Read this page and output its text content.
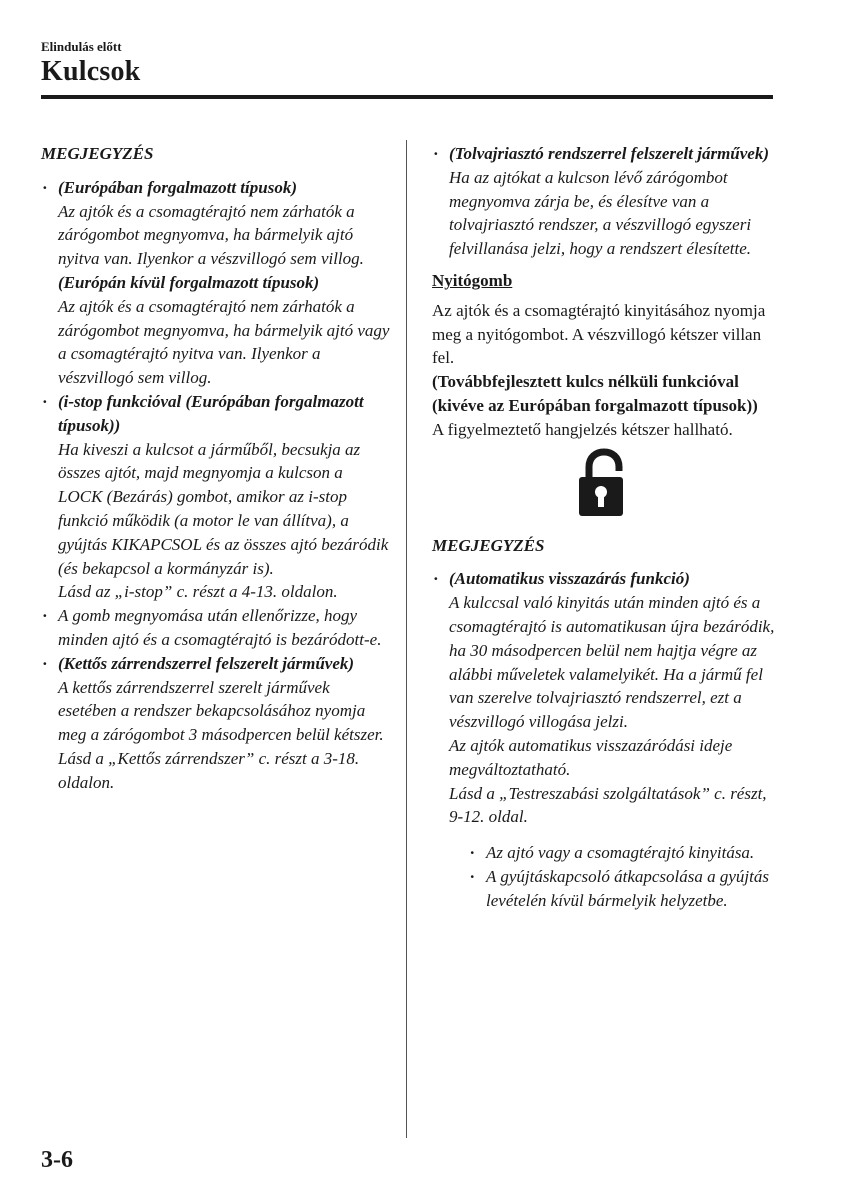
Elindulás előtt
Kulcsok
MEGJEGYZÉS
· (Európában forgalmazott típusok)
Az ajtók és a csomagtérajtó nem zárhatók a zárógombot megnyomva, ha bármelyik ajtó nyitva van. Ilyenkor a vészvillogó sem villog.
(Európán kívül forgalmazott típusok)
Az ajtók és a csomagtérajtó nem zárhatók a zárógombot megnyomva, ha bármelyik ajtó vagy a csomagtérajtó nyitva van. Ilyenkor a vészvillogó sem villog.
· (i-stop funkcióval (Európában forgalmazott típusok))
Ha kiveszi a kulcsot a járműből, becsukja az összes ajtót, majd megnyomja a kulcson a LOCK (Bezárás) gombot, amikor az i-stop funkció működik (a motor le van állítva), a gyújtás KIKAPCSOL és az összes ajtó bezáródik (és bekapcsol a kormányzár is).
Lásd az „i-stop” c. részt a 4-13. oldalon.
· A gomb megnyomása után ellenőrizze, hogy minden ajtó és a csomagtérajtó is bezáródott-e.
· (Kettős zárrendszerrel felszerelt járművek)
A kettős zárrendszerrel szerelt járművek esetében a rendszer bekapcsolásához nyomja meg a zárógombot 3 másodpercen belül kétszer.
Lásd a „Kettős zárrendszer” c. részt a 3-18. oldalon.
· (Tolvajriasztó rendszerrel felszerelt járművek)
Ha az ajtókat a kulcson lévő zárógombot megnyomva zárja be, és élesítve van a tolvajriasztó rendszer, a vészvillogó egyszeri felvillanása jelzi, hogy a rendszert élesítette.
Nyitógomb
Az ajtók és a csomagtérajtó kinyitásához nyomja meg a nyitógombot. A vészvillogó kétszer villan fel.
(Továbbfejlesztett kulcs nélküli funkcióval (kivéve az Európában forgalmazott típusok))
A figyelmeztető hangjelzés kétszer hallható.
MEGJEGYZÉS
· (Automatikus visszazárás funkció)
A kulccsal való kinyitás után minden ajtó és a csomagtérajtó is automatikusan újra bezáródik, ha 30 másodpercen belül nem hajtja végre az alábbi műveletek valamelyikét. Ha a jármű fel van szerelve tolvajriasztó rendszerrel, ezt a vészvillogó villogása jelzi.
Az ajtók automatikus visszazáródási ideje megváltoztatható.
Lásd a „Testreszabási szolgáltatások” c. részt, 9-12. oldal.
· Az ajtó vagy a csomagtérajtó kinyitása.
· A gyújtáskapcsoló átkapcsolása a gyújtás levételén kívül bármelyik helyzetbe.
3-6
